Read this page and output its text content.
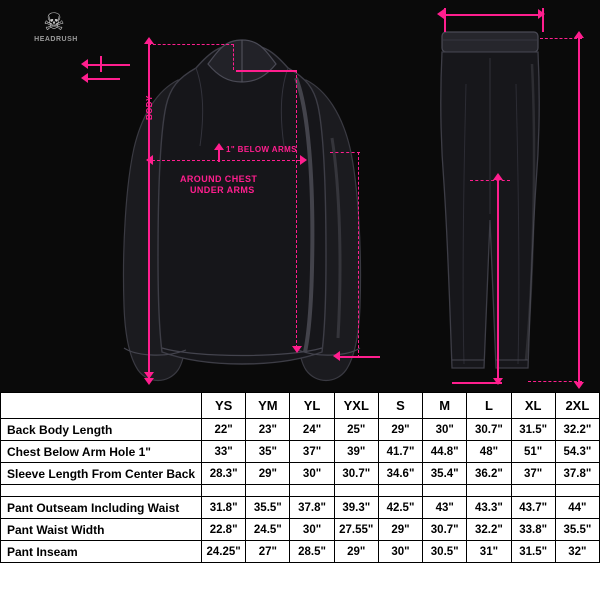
☠
HEADRUSH
BODY
1" BELOW ARMS
AROUND CHEST
UNDER ARMS
	YS	YM	YL	YXL	S	M	L	XL	2XL
Back Body Length	22"	23"	24"	25"	29"	30"	30.7"	31.5"	32.2"
Chest Below Arm Hole 1"	33"	35"	37"	39"	41.7"	44.8"	48"	51"	54.3"
Sleeve Length From Center Back	28.3"	29"	30"	30.7"	34.6"	35.4"	36.2"	37"	37.8"

Pant Outseam Including Waist	31.8"	35.5"	37.8"	39.3"	42.5"	43"	43.3"	43.7"	44"
Pant Waist Width	22.8"	24.5"	30"	27.55"	29"	30.7"	32.2"	33.8"	35.5"
Pant Inseam	24.25"	27"	28.5"	29"	30"	30.5"	31"	31.5"	32"
